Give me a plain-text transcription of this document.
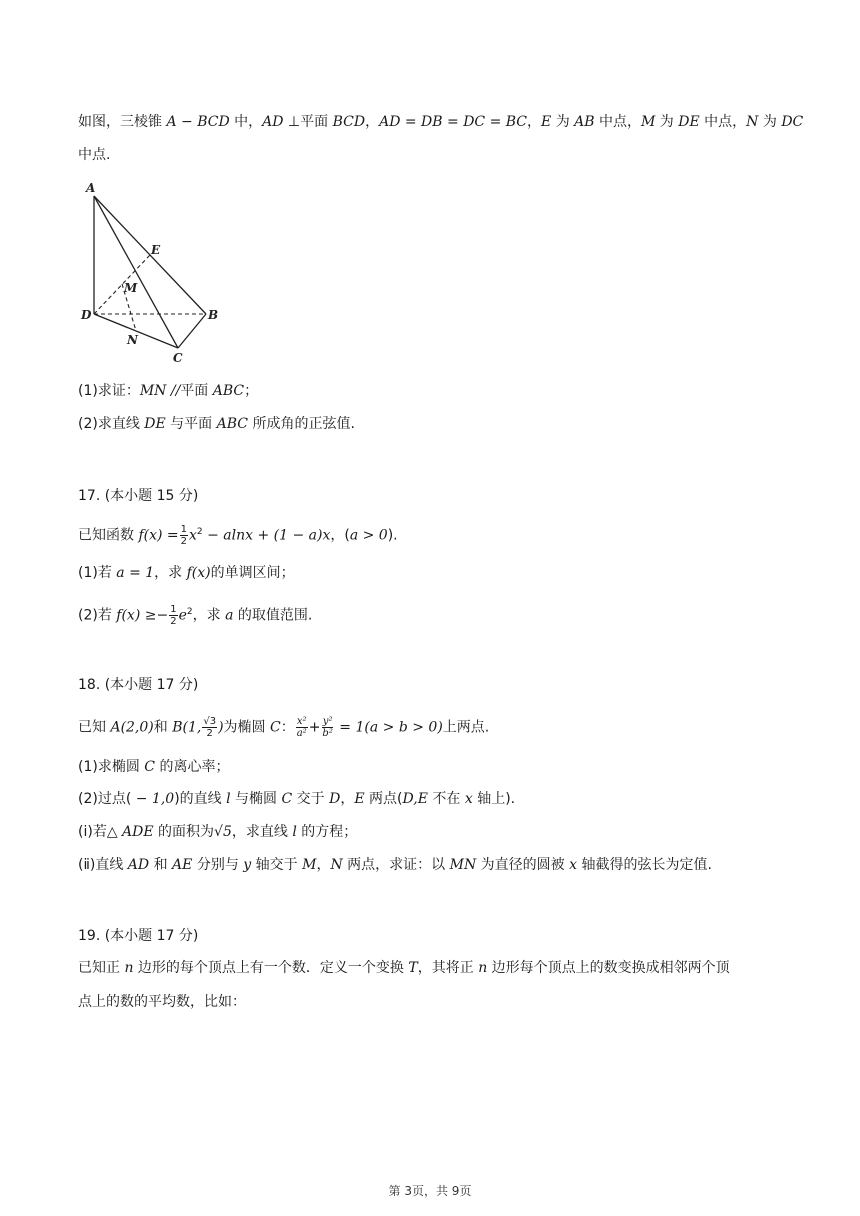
如图，三棱锥 A − BCD 中，AD ⊥平面 BCD，AD = DB = DC = BC，E 为 AB 中点，M 为 DE 中点，N 为 DC
中点.
A
D	B
C
E
M
N
(1)求证：MN //平面 ABC；
(2)求直线 DE 与平面 ABC 所成角的正弦值.
17. (本小题 15 分)
已知函数 $f(x) = \frac{1}{2} x^2 - alnx + (1 - a)x$，(a > 0).
(1)若 a = 1，求 f(x)的单调区间；
(2)若 $f(x) \ge- \frac{1}{2} e^2$，求 a 的取值范围.
18. (本小题 17 分)
已知 A(2,0)和 B(1, $\frac{√3}{2}$ )为椭圆 C： $\frac{\text{x²}}{\text{a²}} + \frac{\text{y²}}{\text{b²}} = 1(a > b > 0)$上两点.
(1)求椭圆 C 的离心率；
(2)过点( − 1,0)的直线 l 与椭圆 C 交于 D，E 两点(D,E 不在 x 轴上).
(ⅰ)若△ ADE 的面积为√5，求直线 l 的方程；
(ⅱ)直线 AD 和 AE 分别与 y 轴交于 M，N 两点，求证：以 MN 为直径的圆被 x 轴截得的弦长为定值.
19. (本小题 17 分)
已知正 n 边形的每个顶点上有一个数．定义一个变换 T，其将正 n 边形每个顶点上的数变换成相邻两个顶
点上的数的平均数，比如：
第 3页，共 9页
